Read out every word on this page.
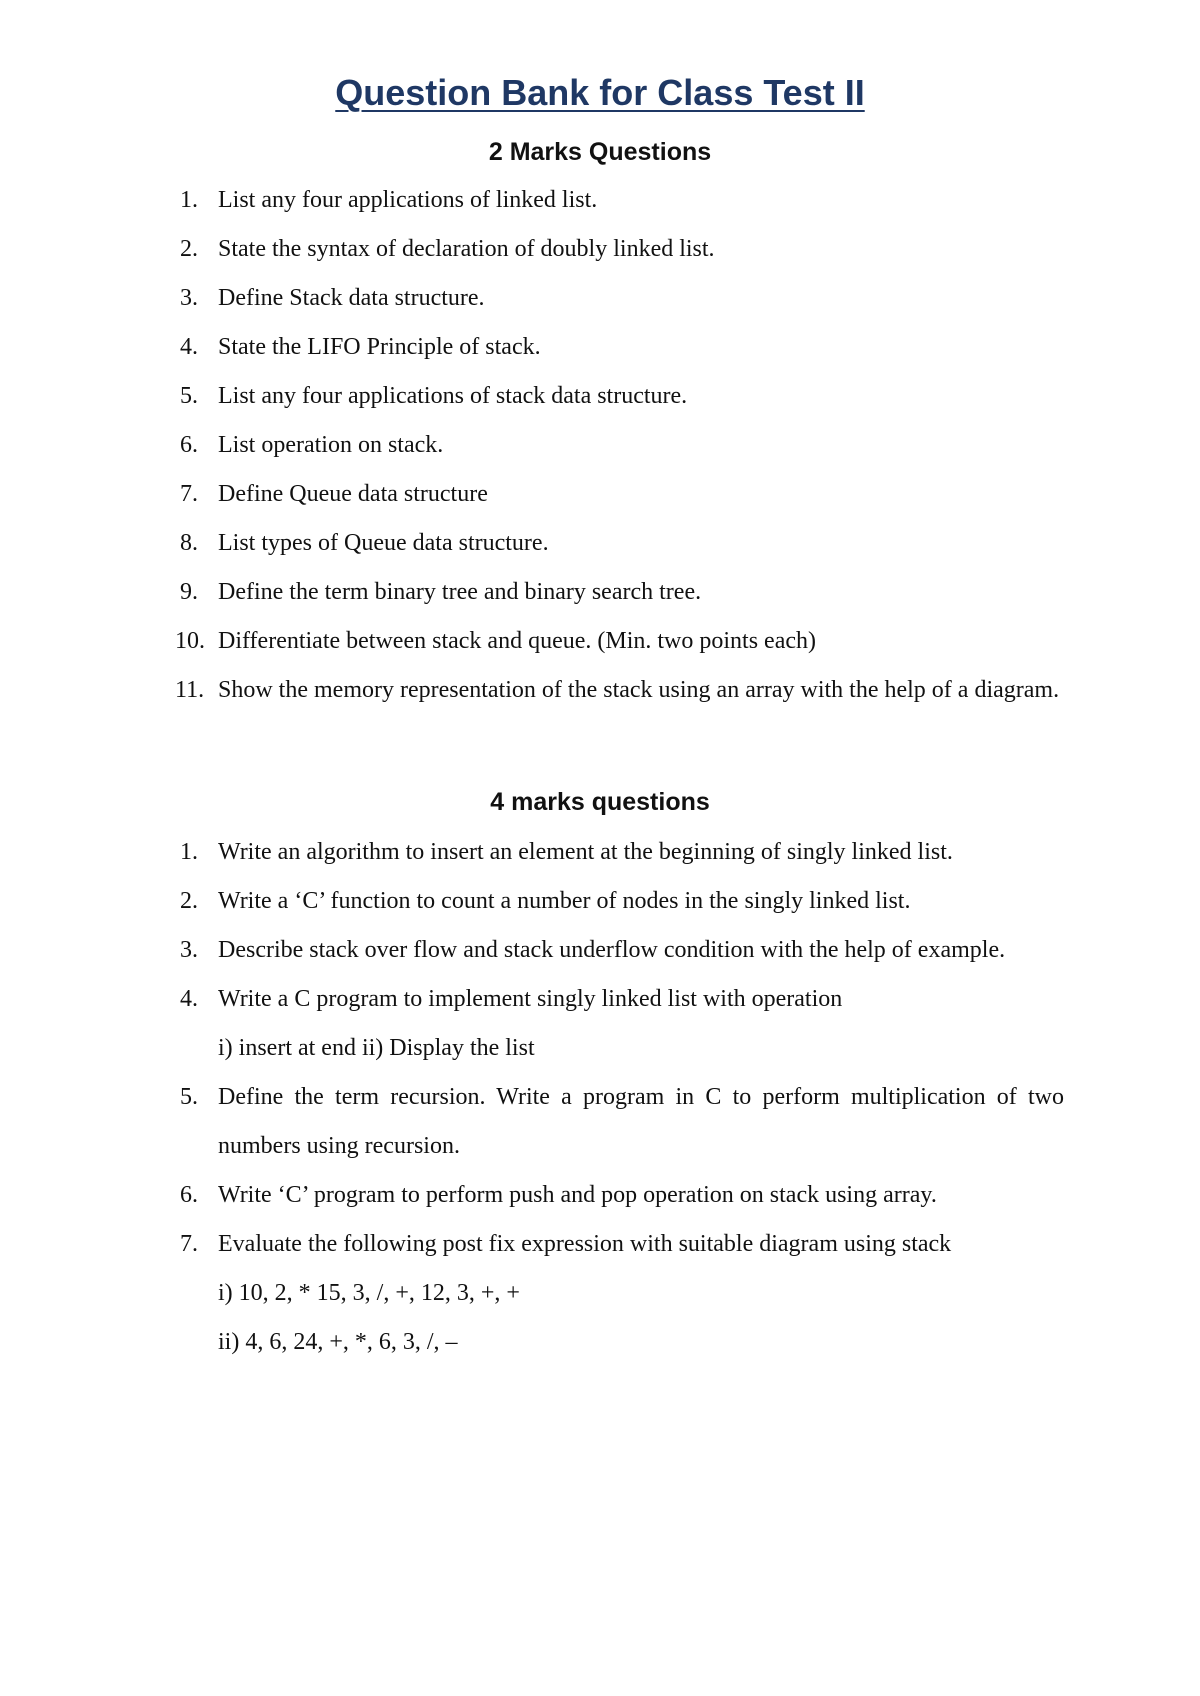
Question Bank for Class Test II
2 Marks Questions
1. List any four applications of linked list.
2. State the syntax of declaration of doubly linked list.
3. Define Stack data structure.
4. State the LIFO Principle of stack.
5. List any four applications of stack data structure.
6. List operation on stack.
7. Define Queue data structure
8. List types of Queue data structure.
9. Define the term binary tree and binary search tree.
10. Differentiate between stack and queue. (Min. two points each)
11. Show the memory representation of the stack using an array with the help of a diagram.
4 marks questions
1. Write an algorithm to insert an element at the beginning of singly linked list.
2. Write a ‘C’ function to count a number of nodes in the singly linked list.
3. Describe stack over flow and stack underflow condition with the help of example.
4. Write a C program to implement singly linked list with operation
i) insert at end ii) Display the list
5. Define the term recursion. Write a program in C to perform multiplication of two numbers using recursion.
6. Write ‘C’ program to perform push and pop operation on stack using array.
7. Evaluate the following post fix expression with suitable diagram using stack
i) 10, 2, * 15, 3, /, +, 12, 3, +, +
ii) 4, 6, 24, +, *, 6, 3, /, –
